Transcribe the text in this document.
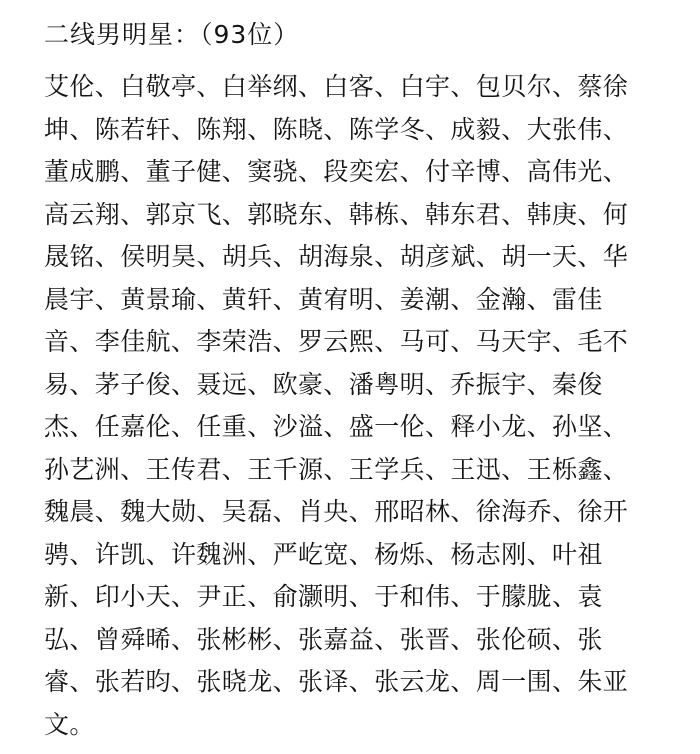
二线男明星：（93位）
艾伦、白敬亭、白举纲、白客、白宇、包贝尔、蔡徐
坤、陈若轩、陈翔、陈晓、陈学冬、成毅、大张伟、
董成鹏、董子健、窦骁、段奕宏、付辛博、高伟光、
高云翔、郭京飞、郭晓东、韩栋、韩东君、韩庚、何
晟铭、侯明昊、胡兵、胡海泉、胡彦斌、胡一天、华
晨宇、黄景瑜、黄轩、黄宥明、姜潮、金瀚、雷佳
音、李佳航、李荣浩、罗云熙、马可、马天宇、毛不
易、茅子俊、聂远、欧豪、潘粤明、乔振宇、秦俊
杰、任嘉伦、任重、沙溢、盛一伦、释小龙、孙坚、
孙艺洲、王传君、王千源、王学兵、王迅、王栎鑫、
魏晨、魏大勋、吴磊、肖央、邢昭林、徐海乔、徐开
骋、许凯、许魏洲、严屹宽、杨烁、杨志刚、叶祖
新、印小天、尹正、俞灏明、于和伟、于朦胧、袁
弘、曾舜晞、张彬彬、张嘉益、张晋、张伦硕、张
睿、张若昀、张晓龙、张译、张云龙、周一围、朱亚
文。
